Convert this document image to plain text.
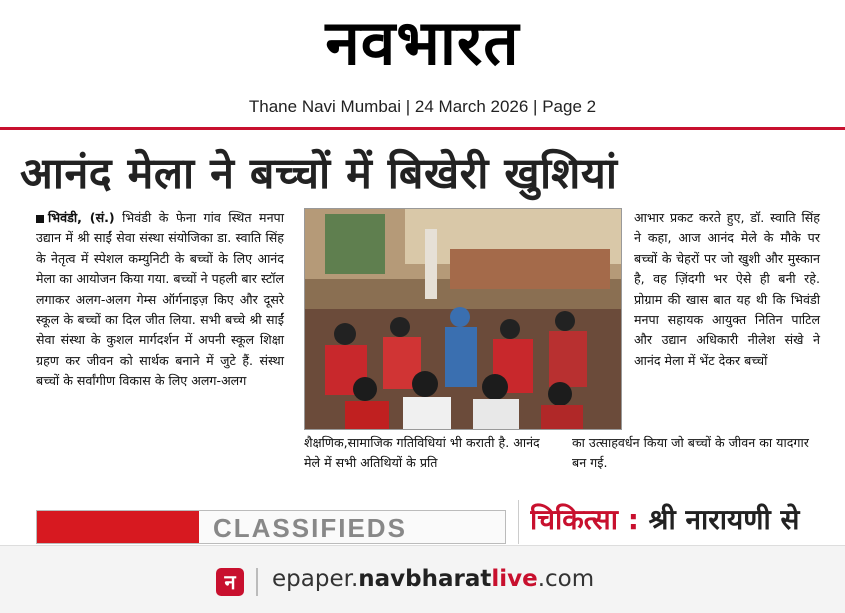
नवभारत
Thane Navi Mumbai | 24 March 2026 | Page 2
आनंद मेला ने बच्चों में बिखेरी खुशियां
भिवंडी, (सं.) भिवंडी के फेना गांव स्थित मनपा उद्यान में श्री साईं सेवा संस्था संयोजिका डा. स्वाति सिंह के नेतृत्व में स्पेशल कम्युनिटी के बच्चों के लिए आनंद मेला का आयोजन किया गया. बच्चों ने पहली बार स्टॉल लगाकर अलग-अलग गेम्स ऑर्गनाइज़ किए और दूसरे स्कूल के बच्चों का दिल जीत लिया. सभी बच्चे श्री साईं सेवा संस्था के कुशल मार्गदर्शन में अपनी स्कूल शिक्षा ग्रहण कर जीवन को सार्थक बनाने में जुटे हैं. संस्था बच्चों के सर्वांगीण विकास के लिए अलग-अलग
शैक्षणिक,सामाजिक गतिविधियां भी कराती है. आनंद मेले में सभी अतिथियों के प्रति
आभार प्रकट करते हुए, डॉ. स्वाति सिंह ने कहा, आज आनंद मेले के मौके पर बच्चों के चेहरों पर जो खुशी और मुस्कान है, वह ज़िंदगी भर ऐसे ही बनी रहे. प्रोग्राम की खास बात यह थी कि भिवंडी मनपा सहायक आयुक्त नितिन पाटिल और उद्यान अधिकारी नीलेश संखे ने आनंद मेला में भेंट देकर बच्चों
का उत्साहवर्धन किया जो बच्चों के जीवन का यादगार बन गई.
CLASSIFIEDS	चिकित्सा : श्री नारायणी से
न	epaper.navbharatlive.com
